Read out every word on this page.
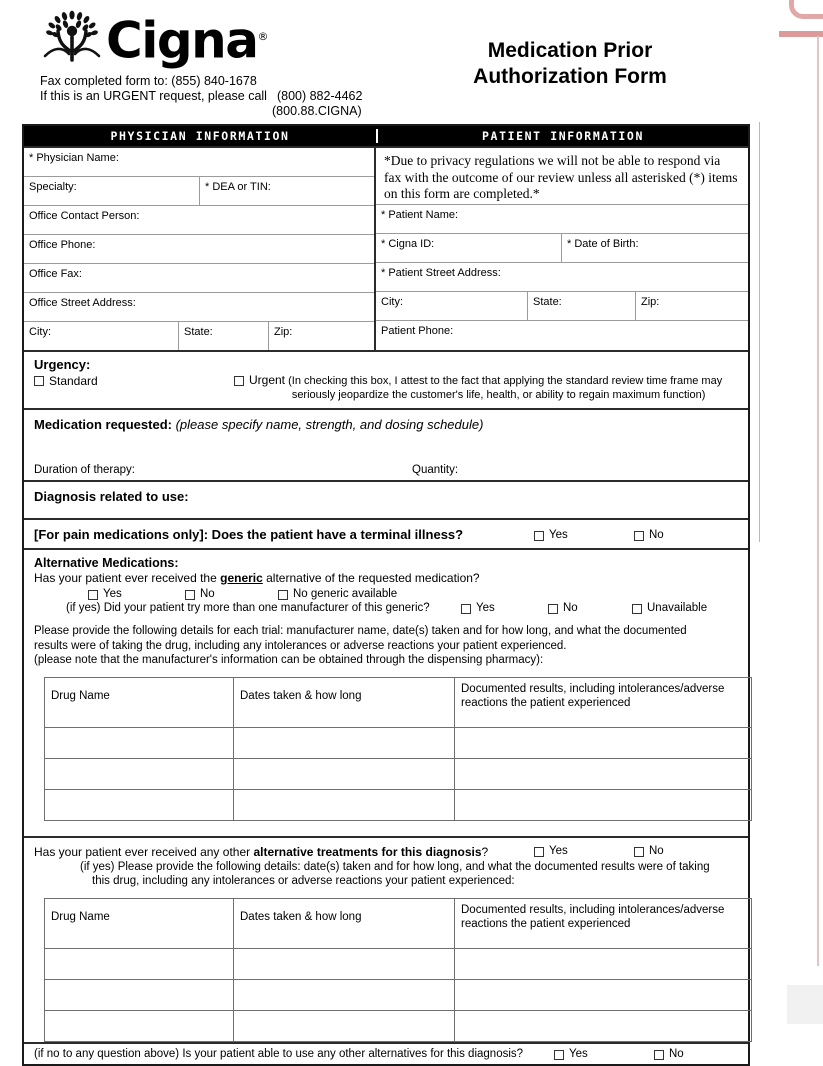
Cigna®
Fax completed form to: (855) 840-1678
If this is an URGENT request, please call (800) 882-4462
(800.88.CIGNA)
Medication Prior
Authorization Form
PHYSICIAN INFORMATION	PATIENT INFORMATION
* Physician Name:
Specialty:	* DEA or TIN:
Office Contact Person:
Office Phone:
Office Fax:
Office Street Address:
City:	State:	Zip:
*Due to privacy regulations we will not be able to respond via fax with the outcome of our review unless all asterisked (*) items on this form are completed.*
* Patient Name:
* Cigna ID:	* Date of Birth:
* Patient Street Address:
City:	State:	Zip:
Patient Phone:
Urgency:
Standard	Urgent (In checking this box, I attest to the fact that applying the standard review time frame may
seriously jeopardize the customer's life, health, or ability to regain maximum function)
Medication requested: (please specify name, strength, and dosing schedule)
Duration of therapy:	Quantity:
Diagnosis related to use:
[For pain medications only]: Does the patient have a terminal illness?	Yes	No
Alternative Medications:
Has your patient ever received the generic alternative of the requested medication?
Yes	No	No generic available
(if yes) Did your patient try more than one manufacturer of this generic?	Yes	No	Unavailable
Please provide the following details for each trial: manufacturer name, date(s) taken and for how long, and what the documented
results were of taking the drug, including any intolerances or adverse reactions your patient experienced.
(please note that the manufacturer's information can be obtained through the dispensing pharmacy):
Drug Name	Dates taken & how long	Documented results, including intolerances/adverse reactions the patient experienced

Has your patient ever received any other alternative treatments for this diagnosis?	Yes	No
(if yes) Please provide the following details: date(s) taken and for how long, and what the documented results were of taking
this drug, including any intolerances or adverse reactions your patient experienced:
Drug Name	Dates taken & how long	Documented results, including intolerances/adverse reactions the patient experienced

(if no to any question above) Is your patient able to use any other alternatives for this diagnosis?	Yes	No
